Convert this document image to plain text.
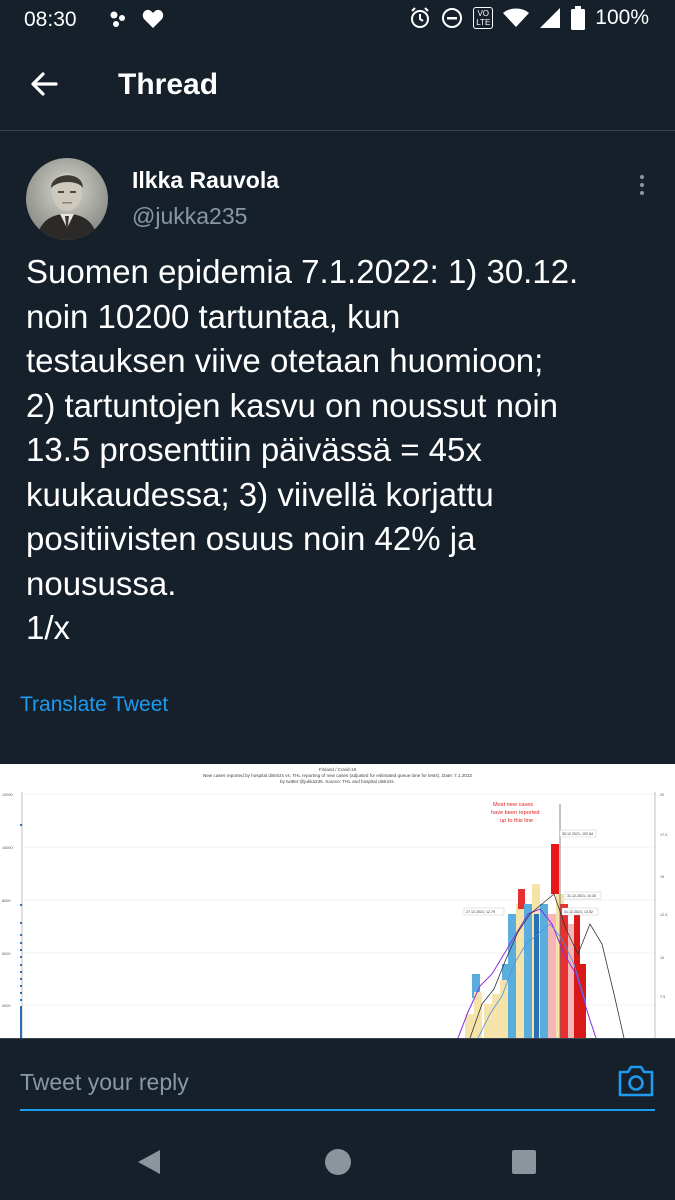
08:30	VO
LTE	100%
Thread
Ilkka Rauvola
@jukka235
Suomen epidemia 7.1.2022: 1) 30.12.
noin 10200 tartuntaa, kun
testauksen viive otetaan huomioon;
2) tartuntojen kasvu on noussut noin
13.5 prosenttiin päivässä = 45x
kuukaudessa; 3) viivellä korjattu
positiivisten osuus noin 42% ja
nousussa.
1/x
Translate Tweet
Finland / Covid-19
New cases reported by hospital districts vs. THL reporting of new cases (adjusted for estimated queue time for tests). Date: 7.1.2022
by twitter:@jukka235. Source: THL and hospital districts.
Most new cases
have been reported
up to this line
30.12.2021; 102.84
31.12.2021; 10.30
27.12.2021; 12.79	31.12.2021; 13.52
12000
10000
8000
6000
4000
20
17.5
15
12.5
10
7.5
Tweet your reply
